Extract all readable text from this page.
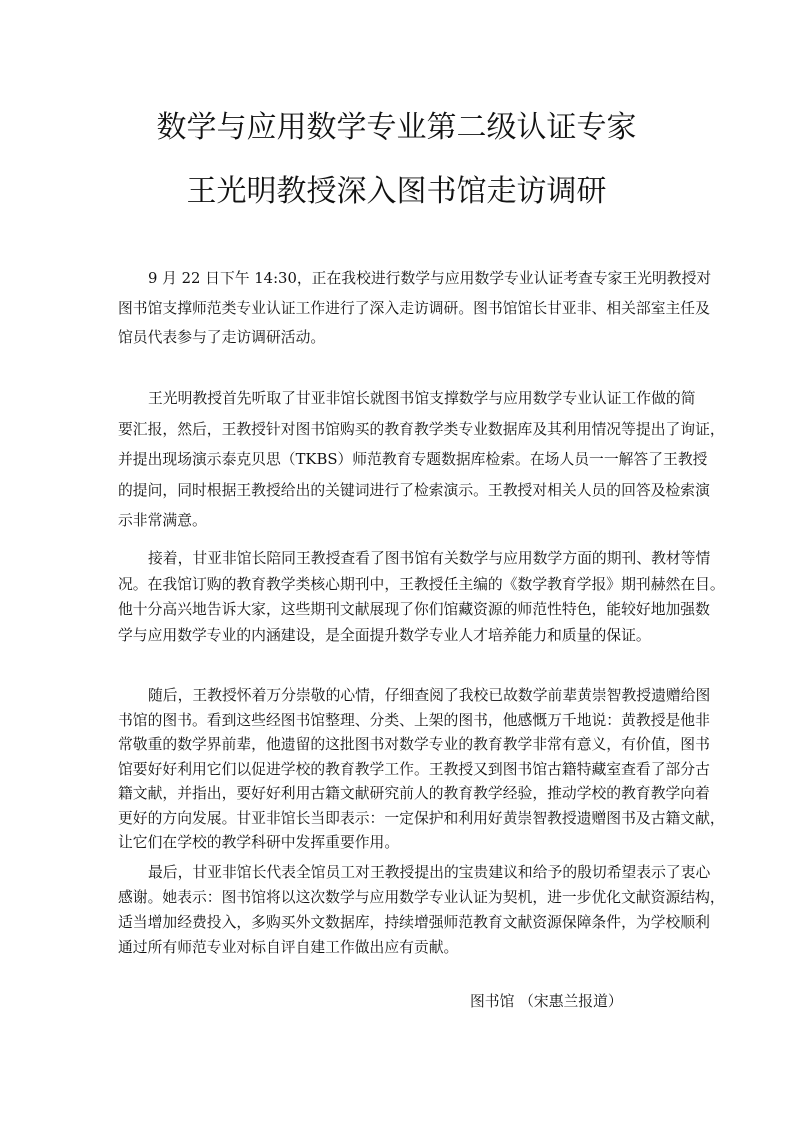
数学与应用数学专业第二级认证专家
王光明教授深入图书馆走访调研
9 月 22 日下午 14:30，正在我校进行数学与应用数学专业认证考查专家王光明教授对
图书馆支撑师范类专业认证工作进行了深入走访调研。图书馆馆长甘亚非、相关部室主任及
馆员代表参与了走访调研活动。
王光明教授首先听取了甘亚非馆长就图书馆支撑数学与应用数学专业认证工作做的简
要汇报，然后，王教授针对图书馆购买的教育教学类专业数据库及其利用情况等提出了询证，
并提出现场演示泰克贝思（TKBS）师范教育专题数据库检索。在场人员一一解答了王教授
的提问，同时根据王教授给出的关键词进行了检索演示。王教授对相关人员的回答及检索演
示非常满意。
接着，甘亚非馆长陪同王教授查看了图书馆有关数学与应用数学方面的期刊、教材等情
况。在我馆订购的教育教学类核心期刊中，王教授任主编的《数学教育学报》期刊赫然在目。
他十分高兴地告诉大家，这些期刊文献展现了你们馆藏资源的师范性特色，能较好地加强数
学与应用数学专业的内涵建设，是全面提升数学专业人才培养能力和质量的保证。
随后，王教授怀着万分崇敬的心情，仔细查阅了我校已故数学前辈黄崇智教授遗赠给图
书馆的图书。看到这些经图书馆整理、分类、上架的图书，他感慨万千地说：黄教授是他非
常敬重的数学界前辈，他遗留的这批图书对数学专业的教育教学非常有意义，有价值，图书
馆要好好利用它们以促进学校的教育教学工作。王教授又到图书馆古籍特藏室查看了部分古
籍文献，并指出，要好好利用古籍文献研究前人的教育教学经验，推动学校的教育教学向着
更好的方向发展。甘亚非馆长当即表示：一定保护和利用好黄崇智教授遗赠图书及古籍文献，
让它们在学校的教学科研中发挥重要作用。
最后，甘亚非馆长代表全馆员工对王教授提出的宝贵建议和给予的殷切希望表示了衷心
感谢。她表示：图书馆将以这次数学与应用数学专业认证为契机，进一步优化文献资源结构，
适当增加经费投入，多购买外文数据库，持续增强师范教育文献资源保障条件，为学校顺利
通过所有师范专业对标自评自建工作做出应有贡献。
图书馆 （宋惠兰报道）
